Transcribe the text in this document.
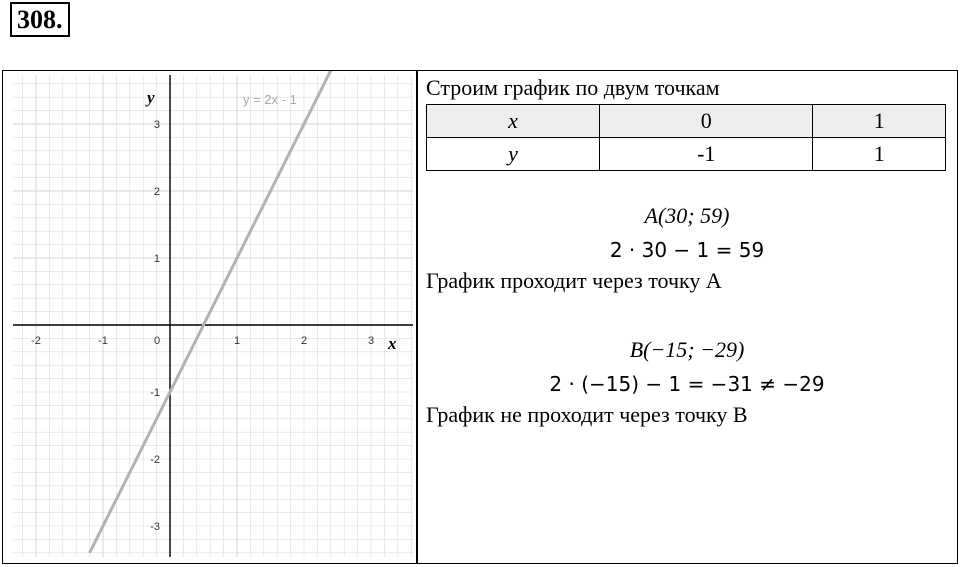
308.
-2	-1	0	1	2	3
-3
-2
-1
1
2
3
x
y	y = 2x - 1	Строим график по двум точкам

x	0	1
y	-1	1
A(30; 59)
2 · 30 − 1 = 59
График проходит через точку A
B(−15; −29)
2 · (−15) − 1 = −31 ≠ −29
График не проходит через точку B
